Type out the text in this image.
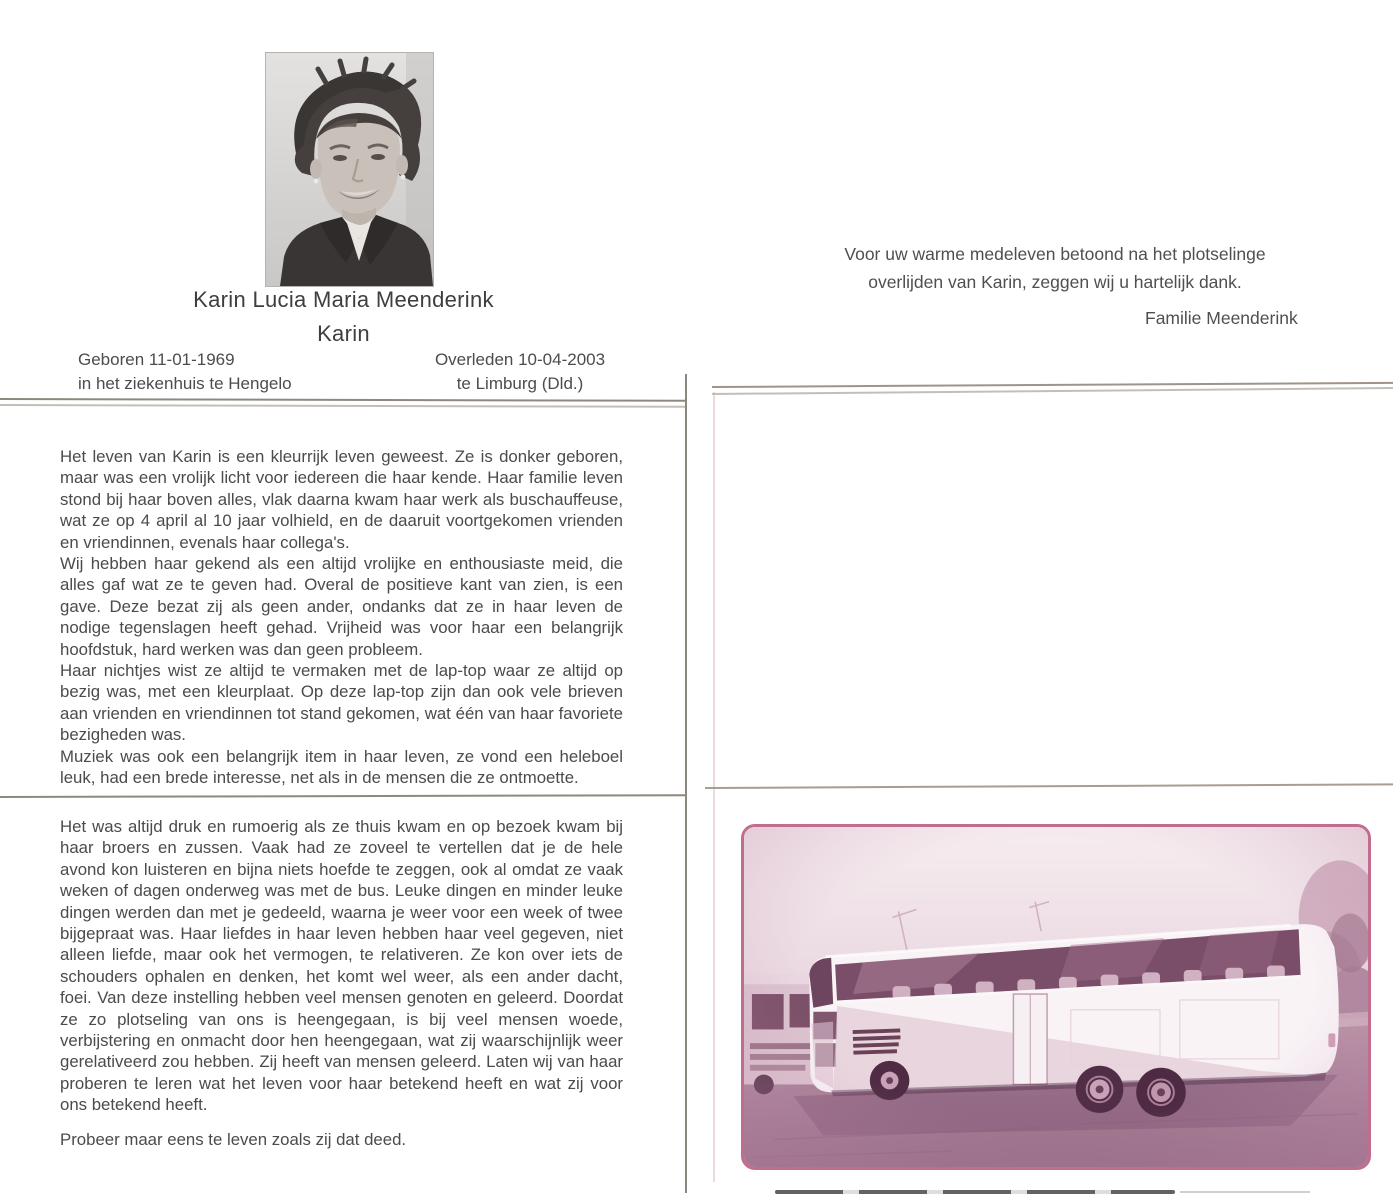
Karin Lucia Maria Meenderink
Karin
Geboren 11-01-1969
in het ziekenhuis te Hengelo
Overleden 10-04-2003
te Limburg (Dld.)

Het leven van Karin is een kleurrijk leven geweest. Ze is donker geboren, maar was een vrolijk licht voor iedereen die haar kende. Haar familie leven stond bij haar boven alles, vlak daarna kwam haar werk als buschauffeuse, wat ze op 4 april al 10 jaar volhield, en de daaruit voortgekomen vrienden en vriendinnen, evenals haar collega's.

Wij hebben haar gekend als een altijd vrolijke en enthousiaste meid, die alles gaf wat ze te geven had. Overal de positieve kant van zien, is een gave. Deze bezat zij als geen ander, ondanks dat ze in haar leven de nodige tegenslagen heeft gehad. Vrijheid was voor haar een belangrijk hoofdstuk, hard werken was dan geen probleem.

Haar nichtjes wist ze altijd te vermaken met de lap-top waar ze altijd op bezig was, met een kleurplaat. Op deze lap-top zijn dan ook vele brieven aan vrienden en vriendinnen tot stand gekomen, wat één van haar favoriete bezigheden was.

Muziek was ook een belangrijk item in haar leven, ze vond een heleboel leuk, had een brede interesse, net als in de mensen die ze ontmoette.

Het was altijd druk en rumoerig als ze thuis kwam en op bezoek kwam bij haar broers en zussen. Vaak had ze zoveel te vertellen dat je de hele avond kon luisteren en bijna niets hoefde te zeggen, ook al omdat ze vaak weken of dagen onderweg was met de bus. Leuke dingen en minder leuke dingen werden dan met je gedeeld, waarna je weer voor een week of twee bijgepraat was. Haar liefdes in haar leven hebben haar veel gegeven, niet alleen liefde, maar ook het vermogen, te relativeren. Ze kon over iets de schouders ophalen en denken, het komt wel weer, als een ander dacht, foei. Van deze instelling hebben veel mensen genoten en geleerd. Doordat ze zo plotseling van ons is heengegaan, is bij veel mensen woede, verbijstering en onmacht door hen heengegaan, wat zij waarschijnlijk weer gerelativeerd zou hebben. Zij heeft van mensen geleerd. Laten wij van haar proberen te leren wat het leven voor haar betekend heeft en wat zij voor ons betekend heeft.

Probeer maar eens te leven zoals zij dat deed.

Voor uw warme medeleven betoond na het plotselinge
overlijden van Karin, zeggen wij u hartelijk dank.
Familie Meenderink
